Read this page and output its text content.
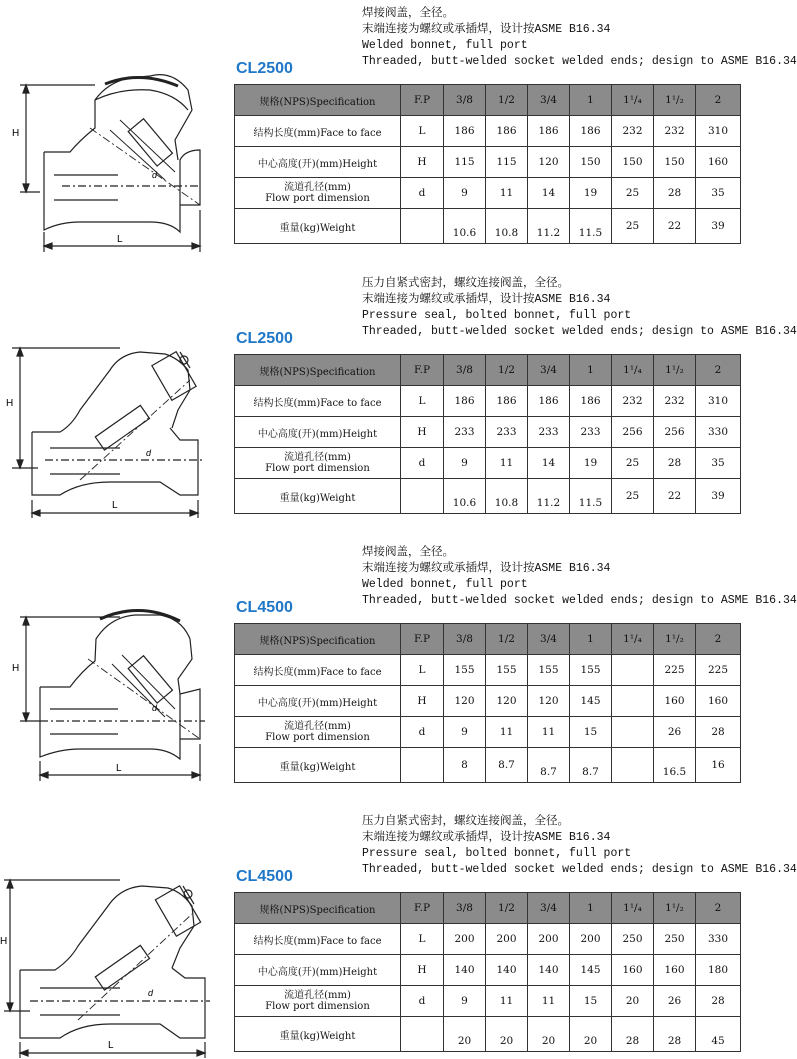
H
L
d
焊接阀盖，全径。
末端连接为螺纹或承插焊，设计按ASME B16.34
Welded bonnet, full port
Threaded, butt-welded socket welded ends; design to ASME B16.34
CL2500
规格(NPS)Specification	F.P	3/8	1/2	3/4	1	1¹/₄	1¹/₂	2
结构长度(mm)Face to face	L	186	186	186	186	232	232	310
中心高度(开)(mm)Height	H	115	115	120	150	150	150	160

流道孔径(mm)
Flow port dimension	d	9	11	14	19	25	28	35
重量(kg)Weight		10.6	10.8	11.2	11.5	25	22	39
H
L
d
压力自紧式密封，螺纹连接阀盖，全径。
末端连接为螺纹或承插焊，设计按ASME B16.34
Pressure seal, bolted bonnet, full port
Threaded, butt-welded socket welded ends; design to ASME B16.34
CL2500
规格(NPS)Specification	F.P	3/8	1/2	3/4	1	1¹/₄	1¹/₂	2
结构长度(mm)Face to face	L	186	186	186	186	232	232	310
中心高度(开)(mm)Height	H	233	233	233	233	256	256	330

流道孔径(mm)
Flow port dimension	d	9	11	14	19	25	28	35
重量(kg)Weight		10.6	10.8	11.2	11.5	25	22	39
H
L
d
焊接阀盖，全径。
末端连接为螺纹或承插焊，设计按ASME B16.34
Welded bonnet, full port
Threaded, butt-welded socket welded ends; design to ASME B16.34
CL4500
规格(NPS)Specification	F.P	3/8	1/2	3/4	1	1¹/₄	1¹/₂	2
结构长度(mm)Face to face	L	155	155	155	155		225	225
中心高度(开)(mm)Height	H	120	120	120	145		160	160

流道孔径(mm)
Flow port dimension	d	9	11	11	15		26	28
重量(kg)Weight		8	8.7	8.7	8.7		16.5	16
H
L
d
压力自紧式密封，螺纹连接阀盖，全径。
末端连接为螺纹或承插焊，设计按ASME B16.34
Pressure seal, bolted bonnet, full port
Threaded, butt-welded socket welded ends; design to ASME B16.34
CL4500
规格(NPS)Specification	F.P	3/8	1/2	3/4	1	1¹/₄	1¹/₂	2
结构长度(mm)Face to face	L	200	200	200	200	250	250	330
中心高度(开)(mm)Height	H	140	140	140	145	160	160	180

流道孔径(mm)
Flow port dimension	d	9	11	11	15	20	26	28
重量(kg)Weight		20	20	20	20	28	28	45
